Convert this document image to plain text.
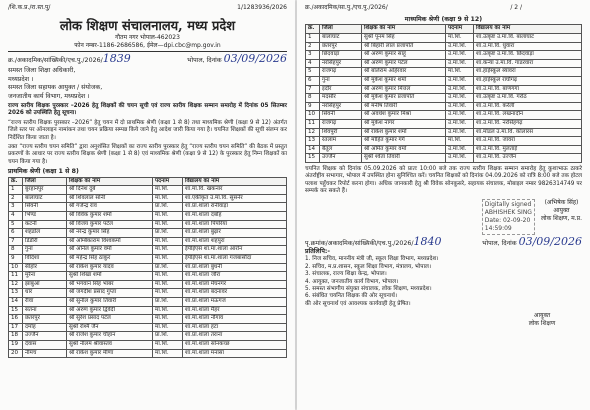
/शि.क.प्र./रा.स्त.पु/	1/1283936/2026
लोक शिक्षण संचालनालय, मध्य प्रदेश
गौतम नगर भोपाल-462023
फोन नम्बर-1186-2686586, ईमेल—dpi.cbc@mp.gov.in
क्र./अकादमिक/सांख्यिकी/एच.पु./2026/1839	भोपाल, दिनांक 03/09/2026
समस्त जिला शिक्षा अधिकारी,
मध्यप्रदेश ।
समस्त जिला सहायक आयुक्त / संयोजक,
जनजातीय कार्य विभाग, मध्यप्रदेश ।
राज्य स्तरीय शिक्षक पुरस्कार –2026 हेतु शिक्षकों की चयन सूची एवं राज्य स्तरीय शिक्षक सम्मान समारोह में दिनांक 05 सितम्बर 2026 को उपस्थिति हेतु सूचना।
“राज्य स्तरीय शिक्षक पुरस्कार –2026” हेतु चयन में दो प्राथमिक श्रेणी (कक्षा 1 से 8) तथा माध्यमिक श्रेणी (कक्षा 9 से 12) अंतर्गत जिले स्तर पर ऑनलाइन नामांकन तथा चयन प्रक्रिया सम्पन्न किये जाने हेतु आदेश जारी किया गया है। चयनित शिक्षकों की सूची संलग्न कर निर्देशित किया जाता है।
उक्त “राज्य स्तरीय चयन समिति” द्वारा अनुशंसित शिक्षकों का राज्य स्तरीय पुरस्कार हेतु “राज्य स्तरीय चयन समिति” की बैठक में प्रस्तुत प्रकरणों के आधार पर राज्य स्तरीय शिक्षक श्रेणी (कक्षा 1 से 8) एवं माध्यमिक श्रेणी (कक्षा 9 से 12) के पुरस्कार हेतु निम्न शिक्षकों का चयन किया गया है।
प्राथमिक श्रेणी (कक्षा 1 से 8)
क्र.	जिला	शिक्षक का नाम	पदनाम	विद्यालय का नाम
1	बुरहानपुर	श्री दिनेश दुबे	मा.शि.	शा.मा.वि. खकनार
2	बालाघाट	श्री शिवलाल सोनी	मा.शि.	शा.एकीकृत उ.मा.वि. सुसनेर
3	सिवनी	श्री गजेन्द्र राव	प्रा.शि.	शा.प्रा.शाला रानीवाड़ा
4	भिण्ड	श्री विवेक कुमार शर्मा	मा.शि.	शा.मा.शाला दबोह
5	कटनी	श्री विजय कुमार पटेल	मा.शि.	शा.मा.शाला पिपरिया
6	शहडोल	श्री नरेन्द्र कुमार सिंह	प्रा.शि.	शा.प्रा.शाला बुढ़ार
7	डिंडौरी	श्री अम्बिकाराम विश्वकर्मा	मा.शि.	शा.मा.शाला शहपुरा
8	गुना	श्री अनिल कुमार वर्मा	मा.शि.	ईपीईएस शा.मा.शाला आरोन
9	विदिशा	श्री महेन्द्र सिंह ठाकुर	मा.शि.	ईपीईएस शा.मा.शाला गंजबासौदा
10	सीहोर	श्री राकेश कुमार यादव	प्रा.शि.	शा.प्रा.शाला बुधनी
11	मुरैना	सुश्री शिखा शर्मा	मा.शि.	शा.मा.शाला जौरा
12	झाबुआ	श्री भगवान सिंह भाबर	मा.शि.	शा.मा.शाला मेघनगर
13	धार	श्री जगदीश प्रसाद गुप्ता	मा.शि.	शा.मा.शाला बदनावर
14	रीवा	श्री सुनील कुमार तिवारी	प्रा.शि.	शा.प्रा.शाला मऊगंज
15	सतना	श्री अरुण कुमार द्विवेदी	मा.शि.	शा.मा.शाला मैहर
16	छतरपुर	श्री सुरेश प्रसाद पटेल	मा.शि.	शा.मा.शाला नौगांव
17	दमोह	सुश्री रश्मि जैन	मा.शि.	शा.मा.शाला हटा
18	उज्जैन	श्री राजेश कुमार चौहान	प्रा.शि.	शा.प्रा.शाला तराना
19	देवास	सुश्री नीलम श्रीवास्तव	मा.शि.	शा.मा.शाला सोनकच्छ
20	नीमच	श्री राकेश कुमार मीणा	मा.शि.	शा.मा.शाला मनासा
क्र./अकादमिक/सा.पु./एच.पु./2026/	/ 2 /
माध्यमिक श्रेणी (कक्षा 9 से 12)
क्र.	जिला	शिक्षक का नाम	पदनाम	विद्यालय का नाम
1	बालाघाट	सुश्री पूनम सिंह	मा.शि.	शा.उत्कृष्ट उ.मा.वि. बालाघाट
2	छतरपुर	श्री बिहारी लाल प्रजापति	उ.मा.शि.	शा.उ.मा.वि. धुवारा
3	छिंदवाड़ा	श्री अरुण कुमार साहू	उ.मा.शि.	शा.उत्कृष्ट उ.मा.वि. छिंदवाड़ा
4	नरसिंहपुर	श्री अरुण कुमार पटेल	उ.मा.शि.	शा.कन्या उ.मा.वि. गाडरवारा
5	राजगढ़	श्री बलिराम अहिरवार	मा.शि.	शा.हाईस्कूल ब्यावरा
6	गुना	श्री मुकेश कुमार शर्मा	उ.मा.शि.	शा.हाईस्कूल राघौगढ़
7	इंदौर	श्री अरुण कुमार मित्तल	उ.मा.शि.	शा.उ.मा.वि. बाणगंगा
8	मंदसौर	श्री मुकेश कुमार प्रजापति	उ.मा.शि.	शा.उत्कृष्ट उ.मा.वि. गरोठ
9	नरसिंहपुर	श्री मनीष तिवारी	उ.मा.शि.	शा.उ.मा.वि. करेली
10	सिवनी	श्री अवधेश कुमार मिश्रा	उ.मा.शि.	शा.उ.मा.वि. लखनादौन
11	राजगढ़	श्री मुकेश नागर	उ.मा.शि.	शा.उ.मा.वि. नरसिंहगढ़
12	शिवपुरी	श्री राकेश कुमार शर्मा	उ.मा.शि.	शा.मॉडल उ.मा.वि. कोलारस
13	रतलाम	श्री मोहित कुमार गर्ग	मा.शि.	शा.उ.मा.वि. जावरा
14	बैतूल	श्री अमित कुमार वर्मा	उ.मा.शि.	शा.उ.मा.वि. मुलताई
15	उज्जैन	सुश्री श्वेता तिवारी	उ.मा.शि.	शा.उ.मा.वि. उज्जैन
चयनित शिक्षक को दिनांक 05.09.2026 को प्रातः 10:00 बजे तक राज्य स्तरीय शिक्षक सम्मान समारोह हेतु कुशाभाऊ ठाकरे अंतर्राष्ट्रीय सभागार, भोपाल में उपस्थित होना सुनिश्चित करें। चयनित शिक्षकों को दिनांक 04.09.2026 को रात्रि 8:00 बजे तक होटल पलाश पहुँचकर रिपोर्ट करना होगा। अधिक जानकारी हेतु श्री विवेक सोनकुसरे, सहायक संचालक, मोबाइल नम्बर 9826314749 पर सम्पर्क कर सकते हैं।
Digitally signed
ABHISHEK SING
Date: 02-09-20
14:59:09
(अभिषेक सिंह)
आयुक्त
लोक शिक्षण, म.प्र.
पृ.क्रमांक/अकादमिक/सांख्यिकी/एच.पु./2026/1840	भोपाल, दिनांक 03/09/2026
प्रतिलिपि:-
1. निज सचिव, माननीय मंत्री जी, स्कूल शिक्षा विभाग, मध्यप्रदेश।
2. सचिव, म.प्र.शासन, स्कूल शिक्षा विभाग, मंत्रालय, भोपाल।
3. संचालक, राज्य शिक्षा केन्द्र, भोपाल।
4. आयुक्त, जनजातीय कार्य विभाग, भोपाल।
5. समस्त संभागीय संयुक्त संचालक, लोक शिक्षण, मध्यप्रदेश।
6. संबंधित चयनित शिक्षक की ओर सूचनार्थ।
की ओर सूचनार्थ एवं आवश्यक कार्यवाही हेतु प्रेषित।
आयुक्त
लोक शिक्षण
